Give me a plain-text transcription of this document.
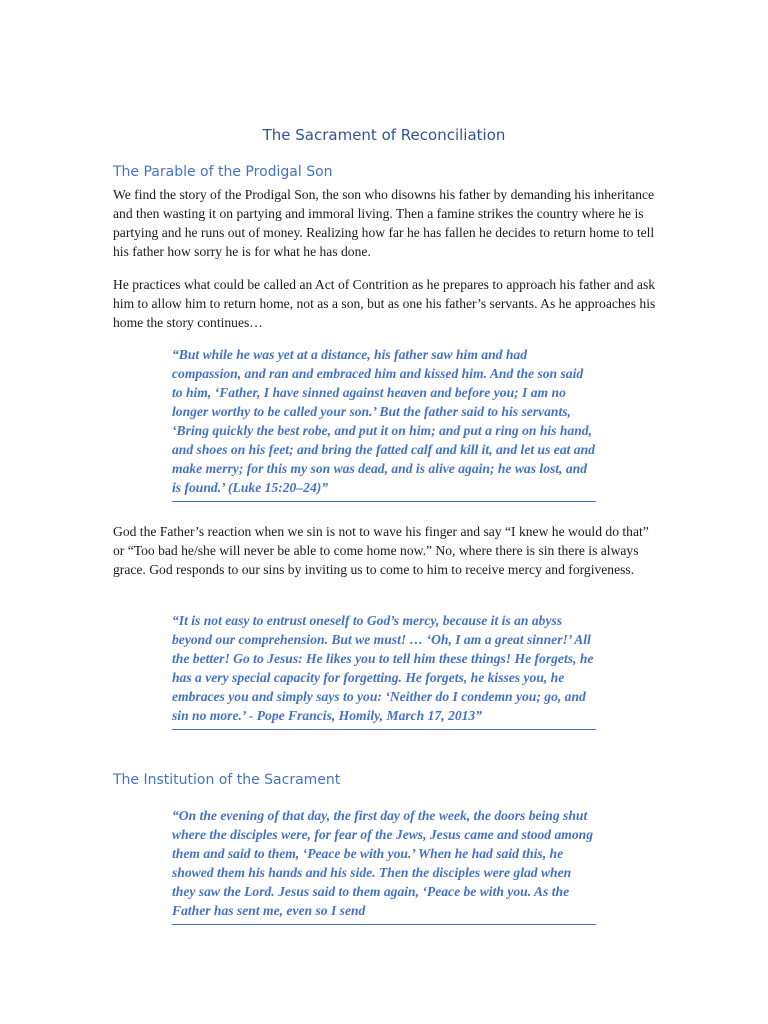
The Sacrament of Reconciliation
The Parable of the Prodigal Son

We find the story of the Prodigal Son, the son who disowns his father by demanding his inheritance and then wasting it on partying and immoral living. Then a famine strikes the country where he is partying and he runs out of money. Realizing how far he has fallen he decides to return home to tell his father how sorry he is for what he has done.

He practices what could be called an Act of Contrition as he prepares to approach his father and ask him to allow him to return home, not as a son, but as one his father’s servants. As he approaches his home the story continues…

“But while he was yet at a distance, his father saw him and had compassion, and ran and embraced him and kissed him. And the son said to him, ‘Father, I have sinned against heaven and before you; I am no longer worthy to be called your son.’ But the father said to his servants, ‘Bring quickly the best robe, and put it on him; and put a ring on his hand, and shoes on his feet; and bring the fatted calf and kill it, and let us eat and make merry; for this my son was dead, and is alive again; he was lost, and is found.’ (Luke 15:20–24)”

God the Father’s reaction when we sin is not to wave his finger and say “I knew he would do that” or “Too bad he/she will never be able to come home now.” No, where there is sin there is always grace. God responds to our sins by inviting us to come to him to receive mercy and forgiveness.

“It is not easy to entrust oneself to God’s mercy, because it is an abyss beyond our comprehension. But we must! … ‘Oh, I am a great sinner!’ All the better! Go to Jesus: He likes you to tell him these things! He forgets, he has a very special capacity for forgetting. He forgets, he kisses you, he embraces you and simply says to you: ‘Neither do I condemn you; go, and sin no more.’ - Pope Francis, Homily, March 17, 2013”

The Institution of the Sacrament

“On the evening of that day, the first day of the week, the doors being shut where the disciples were, for fear of the Jews, Jesus came and stood among them and said to them, ‘Peace be with you.’ When he had said this, he showed them his hands and his side. Then the disciples were glad when they saw the Lord. Jesus said to them again, ‘Peace be with you. As the Father has sent me, even so I send
